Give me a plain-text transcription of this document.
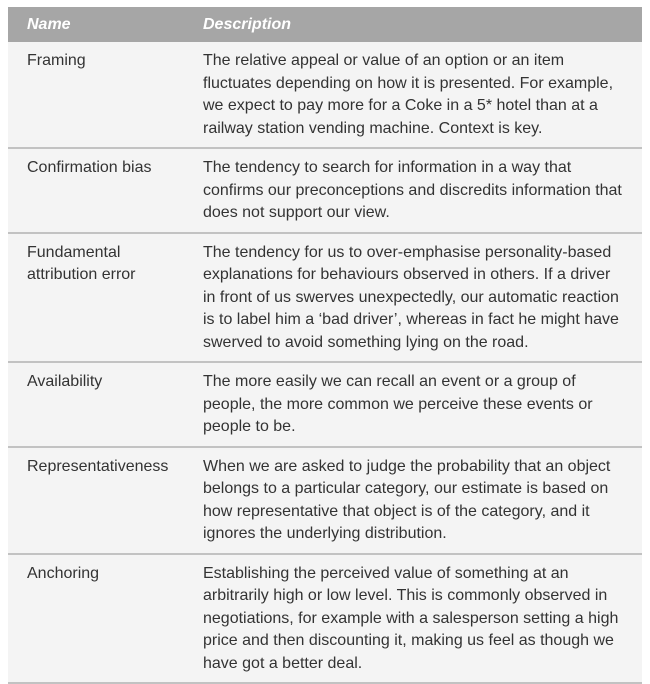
Name	Description

Framing	The relative appeal or value of an option or an item
fluctuates depending on how it is presented. For example,
we expect to pay more for a Coke in a 5* hotel than at a
railway station vending machine. Context is key.

Confirmation bias	The tendency to search for information in a way that
confirms our preconceptions and discredits information that
does not support our view.

Fundamental
attribution error	The tendency for us to over-emphasise personality-based
explanations for behaviours observed in others. If a driver
in front of us swerves unexpectedly, our automatic reaction
is to label him a ‘bad driver’, whereas in fact he might have
swerved to avoid something lying on the road.

Availability	The more easily we can recall an event or a group of
people, the more common we perceive these events or
people to be.

Representativeness	When we are asked to judge the probability that an object
belongs to a particular category, our estimate is based on
how representative that object is of the category, and it
ignores the underlying distribution.

Anchoring	Establishing the perceived value of something at an
arbitrarily high or low level. This is commonly observed in
negotiations, for example with a salesperson setting a high
price and then discounting it, making us feel as though we
have got a better deal.
